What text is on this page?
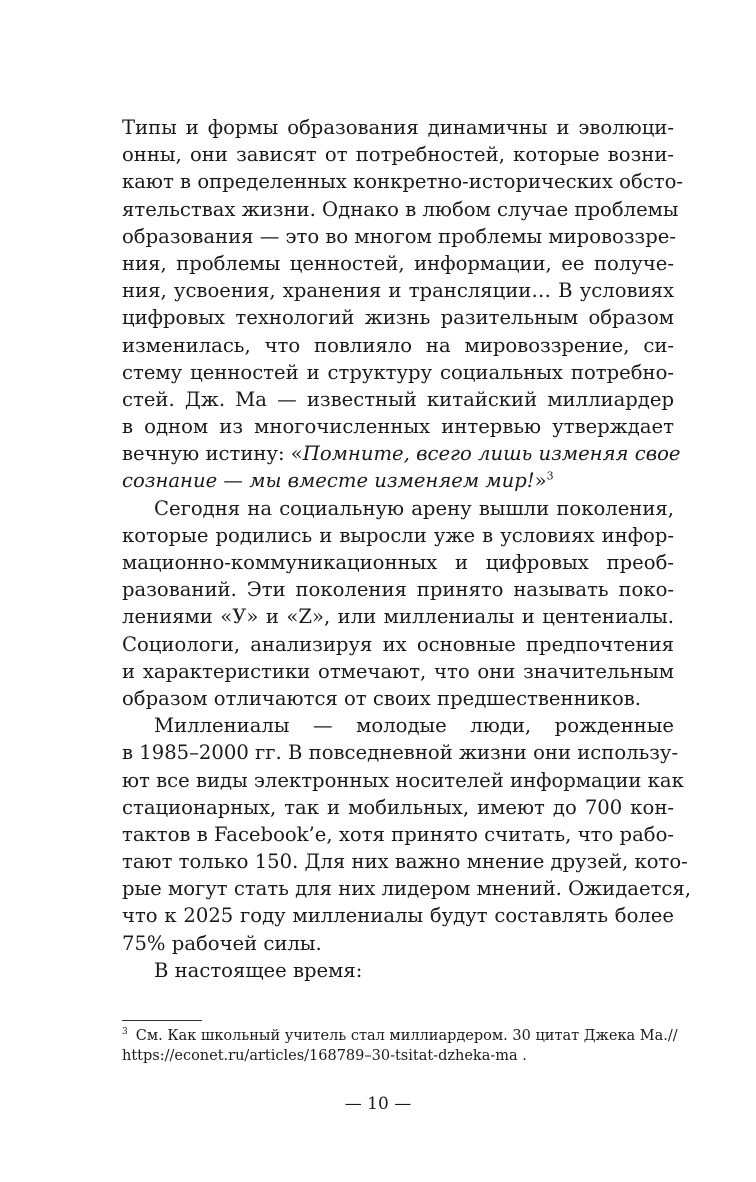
Типы и формы образования динамичны и эволюци-
онны, они зависят от потребностей, которые возни-
кают в определенных конкретно-исторических обсто-
ятельствах жизни. Однако в любом случае проблемы
образования — это во многом проблемы мировоззре-
ния, проблемы ценностей, информации, ее получе-
ния, усвоения, хранения и трансляции… В условиях
цифровых технологий жизнь разительным образом
изменилась, что повлияло на мировоззрение, си-
стему ценностей и структуру социальных потребно-
стей. Дж. Ма — известный китайский миллиардер
в одном из многочисленных интервью утверждает
вечную истину: «Помните, всего лишь изменяя свое
сознание — мы вместе изменяем мир!»$^3$
Сегодня на социальную арену вышли поколения,
которые родились и выросли уже в условиях инфор-
мационно-коммуникационных и цифровых преоб-
разований. Эти поколения принято называть поко-
лениями «У» и «Z», или миллениалы и центениалы.
Социологи, анализируя их основные предпочтения
и характеристики отмечают, что они значительным
образом отличаются от своих предшественников.
Миллениалы — молодые люди, рожденные
в 1985–2000 гг. В повседневной жизни они использу-
ют все виды электронных носителей информации как
стационарных, так и мобильных, имеют до 700 кон-
тактов в Facebook’е, хотя принято считать, что рабо-
тают только 150. Для них важно мнение друзей, кото-
рые могут стать для них лидером мнений. Ожидается,
что к 2025 году миллениалы будут составлять более
75% рабочей силы.
В настоящее время:
$^3$ См. Как школьный учитель стал миллиардером. 30 цитат Джека Ма.//
https://econet.ru/articles/168789–30-tsitat-dzheka-ma .
— 10 —
